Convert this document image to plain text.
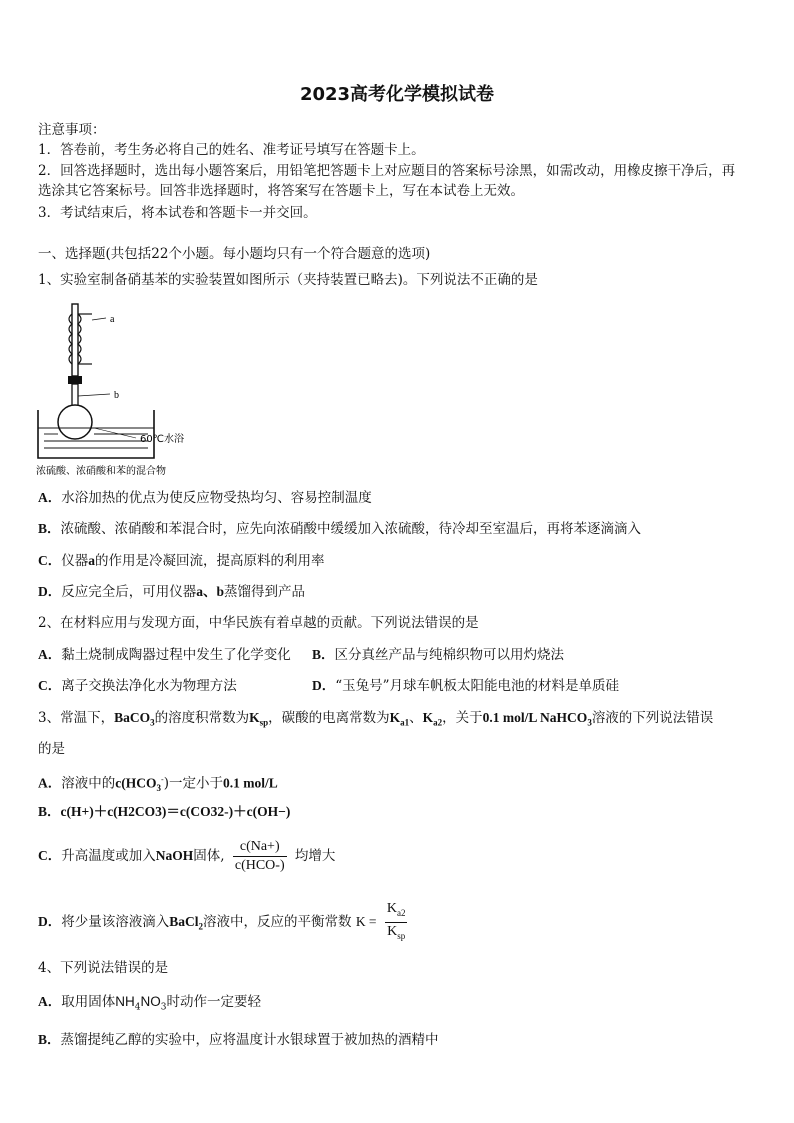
2023高考化学模拟试卷
注意事项：
1．答卷前，考生务必将自己的姓名、准考证号填写在答题卡上。
2．回答选择题时，选出每小题答案后，用铅笔把答题卡上对应题目的答案标号涂黑，如需改动，用橡皮擦干净后，再
选涂其它答案标号。回答非选择题时，将答案写在答题卡上，写在本试卷上无效。
3．考试结束后，将本试卷和答题卡一并交回。
一、选择题(共包括22个小题。每小题均只有一个符合题意的选项)
1、实验室制备硝基苯的实验装置如图所示（夹持装置已略去)。下列说法不正确的是
a
b
60℃水浴
浓硫酸、浓硝酸和苯的混合物
A．水浴加热的优点为使反应物受热均匀、容易控制温度
B．浓硫酸、浓硝酸和苯混合时，应先向浓硝酸中缓缓加入浓硫酸，待冷却至室温后，再将苯逐滴滴入
C．仪器a的作用是冷凝回流，提高原料的利用率
D．反应完全后，可用仪器a、b蒸馏得到产品
2、在材料应用与发现方面，中华民族有着卓越的贡献。下列说法错误的是
A．黏土烧制成陶器过程中发生了化学变化 B．区分真丝产品与纯棉织物可以用灼烧法
C．离子交换法净化水为物理方法	D．“玉兔号”月球车帆板太阳能电池的材料是单质硅
3、常温下，BaCO$_3$的溶度积常数为$K_{sp}$，碳酸的电离常数为$K_{a1}$、$K_{a2}$，关于0.1 mol/L NaHCO$_3$溶液的下列说法错误
的是
A．溶液中的$c(HCO_3^-)$一定小于0.1 mol/L
B．c(H+)＋c(H2CO3)＝c(CO32-)＋c(OH−)
C．升高温度或加入NaOH固体, $\frac{c(Na+)}{\text{c(HCO-)}}$ 均增大
D．将少量该溶液滴入BaCl$_2$溶液中，反应的平衡常数 $K = \frac{K_{a2}}{K_{sp}}$
4、下列说法错误的是
A．取用固体$NH_4NO_3$时动作一定要轻
B．蒸馏提纯乙醇的实验中，应将温度计水银球置于被加热的酒精中
